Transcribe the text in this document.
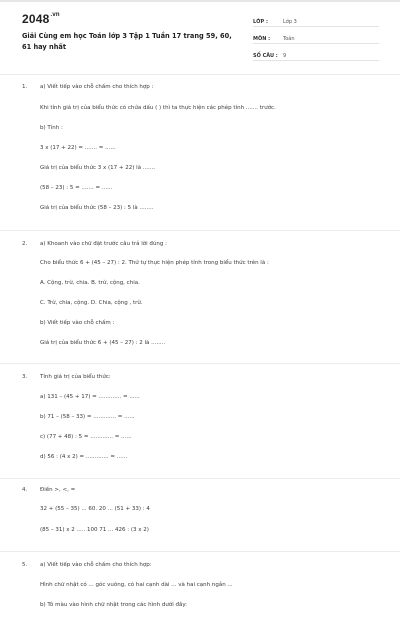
$2048^{.vn}$
Giải Cùng em học Toán lớp 3 Tập 1 Tuần 17 trang 59, 60, 61 hay nhất
LỚP :	Lớp 3
MÔN :	Toán
SỐ CÂU :	9
1. a) Viết tiếp vào chỗ chấm cho thích hợp :
Khi tính giá trị của biểu thức có chứa dấu ( ) thì ta thực hiện các phép tính ....... trước.
b) Tính :
3 x (17 + 22) = ....... = ......
Giá trị của biểu thức 3 x (17 + 22) là .......
(58 – 23) : 5 = ....... = ......
Giá trị của biểu thức (58 – 23) : 5 là ........
2. a) Khoanh vào chữ đặt trước câu trả lời đúng :
Cho biểu thức 6 + (45 – 27) : 2. Thứ tự thực hiện phép tính trong biểu thức trên là :
A. Cộng, trừ, chia. B. trừ, cộng, chia.
C. Trừ, chia, cộng. D. Chia, cộng , trừ.
b) Viết tiếp vào chỗ chấm :
Giá trị của biểu thức 6 + (45 – 27) : 2 là ........
3. Tính giá trị của biểu thức:
a) 131 – (45 + 17) = ............. = ......
b) 71 – (58 – 33) = ............. = ......
c) (77 + 48) : 5 = ............. = ......
d) 56 : (4 x 2) = ............. = ......
4. Điền >, <, =
32 + (55 – 35) ... 60. 20 ... (51 + 33) : 4
(85 – 31) x 2 ..... 100 71 ... 426 : (3 x 2)
5. a) Viết tiếp vào chỗ chấm cho thích hợp:
Hình chữ nhật có ... góc vuông, có hai cạnh dài ... và hai cạnh ngắn ...
b) Tô màu vào hình chữ nhật trong các hình dưới đây:
